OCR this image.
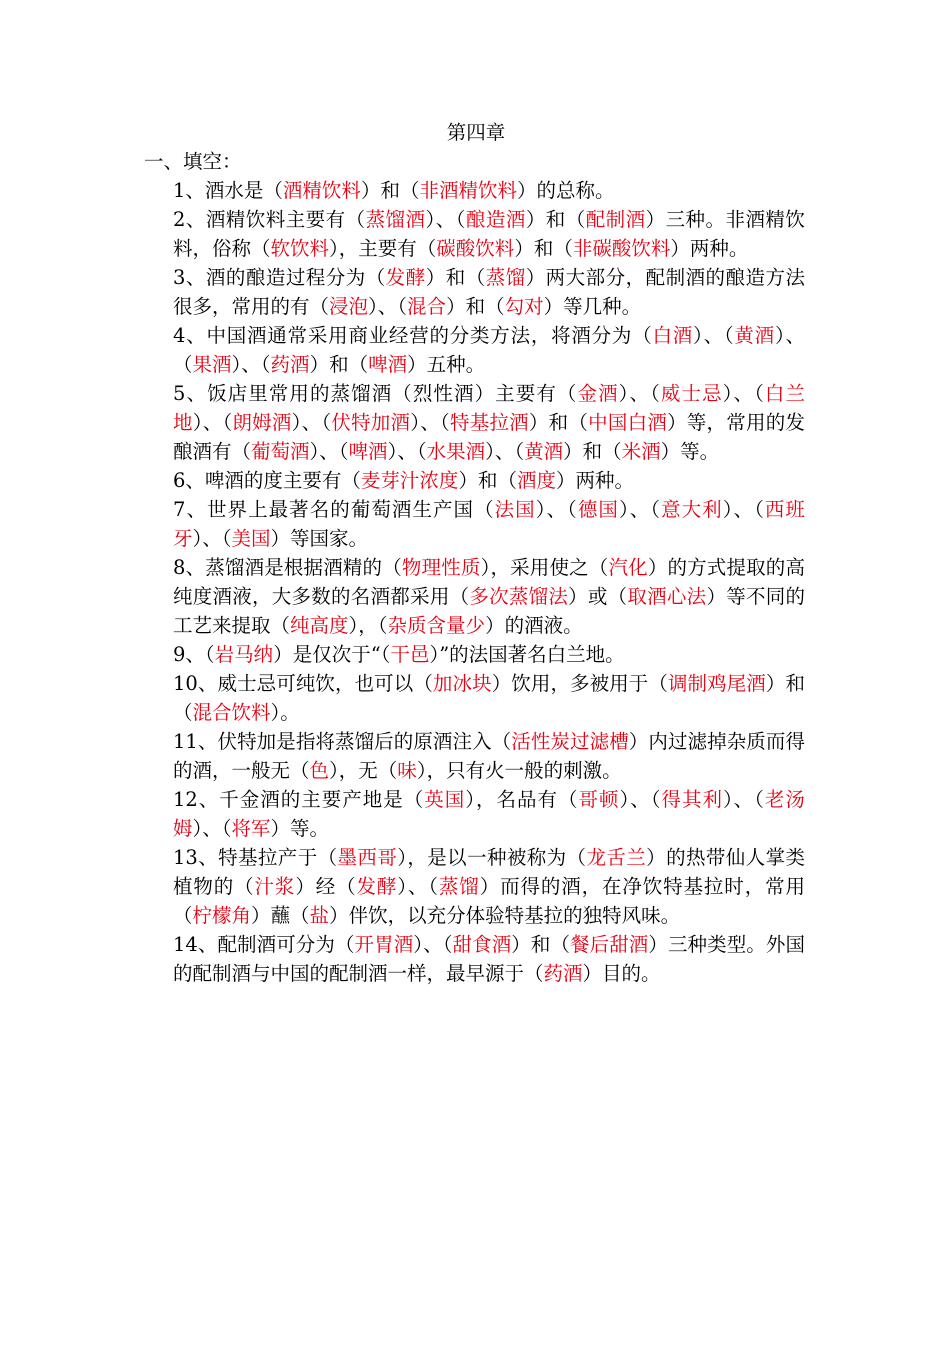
第四章
一、填空：

1、酒水是（酒精饮料）和（非酒精饮料）的总称。

2、酒精饮料主要有（蒸馏酒）、（酿造酒）和（配制酒）三种。非酒精饮料，俗称（软饮料），主要有（碳酸饮料）和（非碳酸饮料）两种。

3、酒的酿造过程分为（发酵）和（蒸馏）两大部分，配制酒的酿造方法很多，常用的有（浸泡）、（混合）和（勾对）等几种。

4、中国酒通常采用商业经营的分类方法，将酒分为（白酒）、（黄酒）、（果酒）、（药酒）和（啤酒）五种。

5、饭店里常用的蒸馏酒（烈性酒）主要有（金酒）、（威士忌）、（白兰地）、（朗姆酒）、（伏特加酒）、（特基拉酒）和（中国白酒）等，常用的发酿酒有（葡萄酒）、（啤酒）、（水果酒）、（黄酒）和（米酒）等。

6、啤酒的度主要有（麦芽汁浓度）和（酒度）两种。

7、世界上最著名的葡萄酒生产国（法国）、（德国）、（意大利）、（西班牙）、（美国）等国家。

8、蒸馏酒是根据酒精的（物理性质），采用使之（汽化）的方式提取的高纯度酒液，大多数的名酒都采用（多次蒸馏法）或（取酒心法）等不同的工艺来提取（纯高度），（杂质含量少）的酒液。

9、（岩马纳）是仅次于“（干邑）”的法国著名白兰地。

10、威士忌可纯饮，也可以（加冰块）饮用，多被用于（调制鸡尾酒）和（混合饮料）。

11、伏特加是指将蒸馏后的原酒注入（活性炭过滤槽）内过滤掉杂质而得的酒，一般无（色），无（味），只有火一般的刺激。

12、千金酒的主要产地是（英国），名品有（哥顿）、（得其利）、（老汤姆）、（将军）等。

13、特基拉产于（墨西哥），是以一种被称为（龙舌兰）的热带仙人掌类植物的（汁浆）经（发酵）、（蒸馏）而得的酒，在净饮特基拉时，常用（柠檬角）蘸（盐）伴饮，以充分体验特基拉的独特风味。

14、配制酒可分为（开胃酒）、（甜食酒）和（餐后甜酒）三种类型。外国的配制酒与中国的配制酒一样，最早源于（药酒）目的。
